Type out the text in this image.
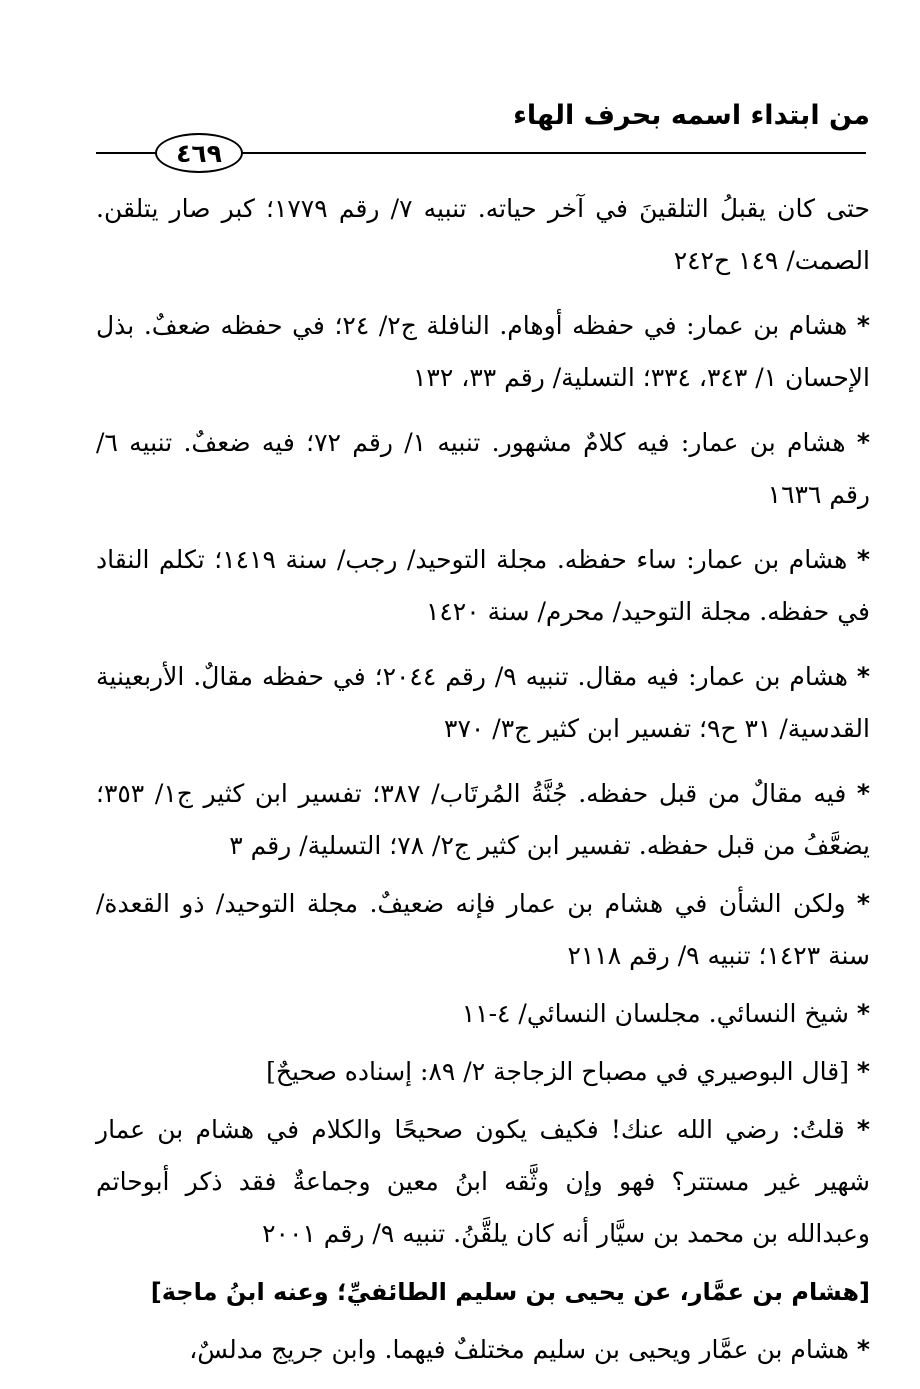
من ابتداء اسمه بحرف الهاء
٤٦٩

حتى كان يقبلُ التلقينَ في آخر حياته. تنبيه ٧/ رقم ١٧٧٩؛ كبر صار يتلقن. الصمت/ ١٤٩ ح٢٤٢

* هشام بن عمار: في حفظه أوهام. النافلة ج٢/ ٢٤؛ في حفظه ضعفٌ. بذل الإحسان ١/ ٣٤٣، ٣٣٤؛ التسلية/ رقم ٣٣، ١٣٢

* هشام بن عمار: فيه كلامٌ مشهور. تنبيه ١/ رقم ٧٢؛ فيه ضعفٌ. تنبيه ٦/ رقم ١٦٣٦

* هشام بن عمار: ساء حفظه. مجلة التوحيد/ رجب/ سنة ١٤١٩؛ تكلم النقاد في حفظه. مجلة التوحيد/ محرم/ سنة ١٤٢٠

* هشام بن عمار: فيه مقال. تنبيه ٩/ رقم ٢٠٤٤؛ في حفظه مقالٌ. الأربعينية القدسية/ ٣١ ح٩؛ تفسير ابن كثير ج٣/ ٣٧٠

* فيه مقالٌ من قبل حفظه. جُنَّةُ المُرتَاب/ ٣٨٧؛ تفسير ابن كثير ج١/ ٣٥٣؛ يضعَّفُ من قبل حفظه. تفسير ابن كثير ج٢/ ٧٨؛ التسلية/ رقم ٣

* ولكن الشأن في هشام بن عمار فإنه ضعيفٌ. مجلة التوحيد/ ذو القعدة/ سنة ١٤٢٣؛ تنبيه ٩/ رقم ٢١١٨

* شيخ النسائي. مجلسان النسائي/ ٤-١١

* [قال البوصيري في مصباح الزجاجة ٢/ ٨٩: إسناده صحيحٌ]

* قلتُ: رضي الله عنك! فكيف يكون صحيحًا والكلام في هشام بن عمار شهير غير مستتر؟ فهو وإن وثَّقه ابنُ معين وجماعةٌ فقد ذكر أبوحاتم وعبدالله بن محمد بن سيَّار أنه كان يلقَّنُ. تنبيه ٩/ رقم ٢٠٠١

[هشام بن عمَّار، عن يحيى بن سليم الطائفيِّ؛ وعنه ابنُ ماجة]

* هشام بن عمَّار ويحيى بن سليم مختلفٌ فيهما. وابن جريج مدلسٌ،
